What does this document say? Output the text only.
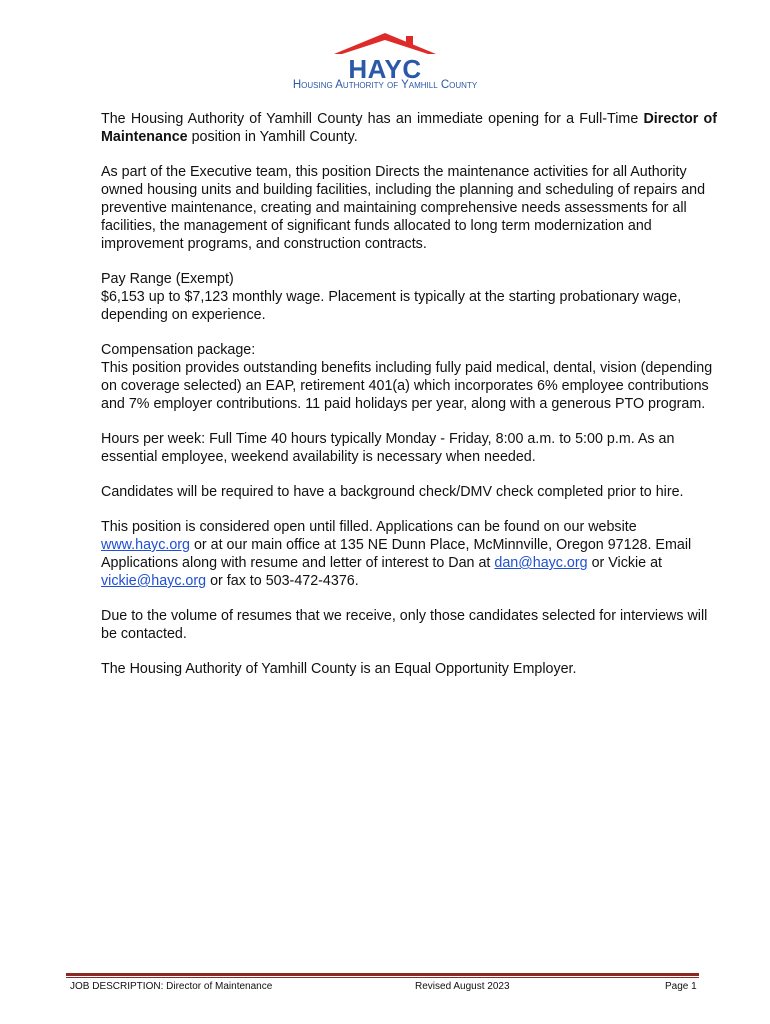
HAYC
Housing Authority of Yamhill County

The Housing Authority of Yamhill County has an immediate opening for a Full-Time Director of Maintenance position in Yamhill County.

As part of the Executive team, this position Directs the maintenance activities for all Authority owned housing units and building facilities, including the planning and scheduling of repairs and preventive maintenance, creating and maintaining comprehensive needs assessments for all facilities, the management of significant funds allocated to long term modernization and improvement programs, and construction contracts.

Pay Range (Exempt)
$6,153 up to $7,123 monthly wage. Placement is typically at the starting probationary wage, depending on experience.

Compensation package:
This position provides outstanding benefits including fully paid medical, dental, vision (depending on coverage selected) an EAP, retirement 401(a) which incorporates 6% employee contributions and 7% employer contributions. 11 paid holidays per year, along with a generous PTO program.

Hours per week: Full Time 40 hours typically Monday - Friday, 8:00 a.m. to 5:00 p.m. As an essential employee, weekend availability is necessary when needed.

Candidates will be required to have a background check/DMV check completed prior to hire.

This position is considered open until filled. Applications can be found on our website www.hayc.org or at our main office at 135 NE Dunn Place, McMinnville, Oregon 97128. Email Applications along with resume and letter of interest to Dan at dan@hayc.org or Vickie at vickie@hayc.org or fax to 503-472-4376.

Due to the volume of resumes that we receive, only those candidates selected for interviews will be contacted.

The Housing Authority of Yamhill County is an Equal Opportunity Employer.

JOB DESCRIPTION: Director of Maintenance	Revised August 2023	Page 1
